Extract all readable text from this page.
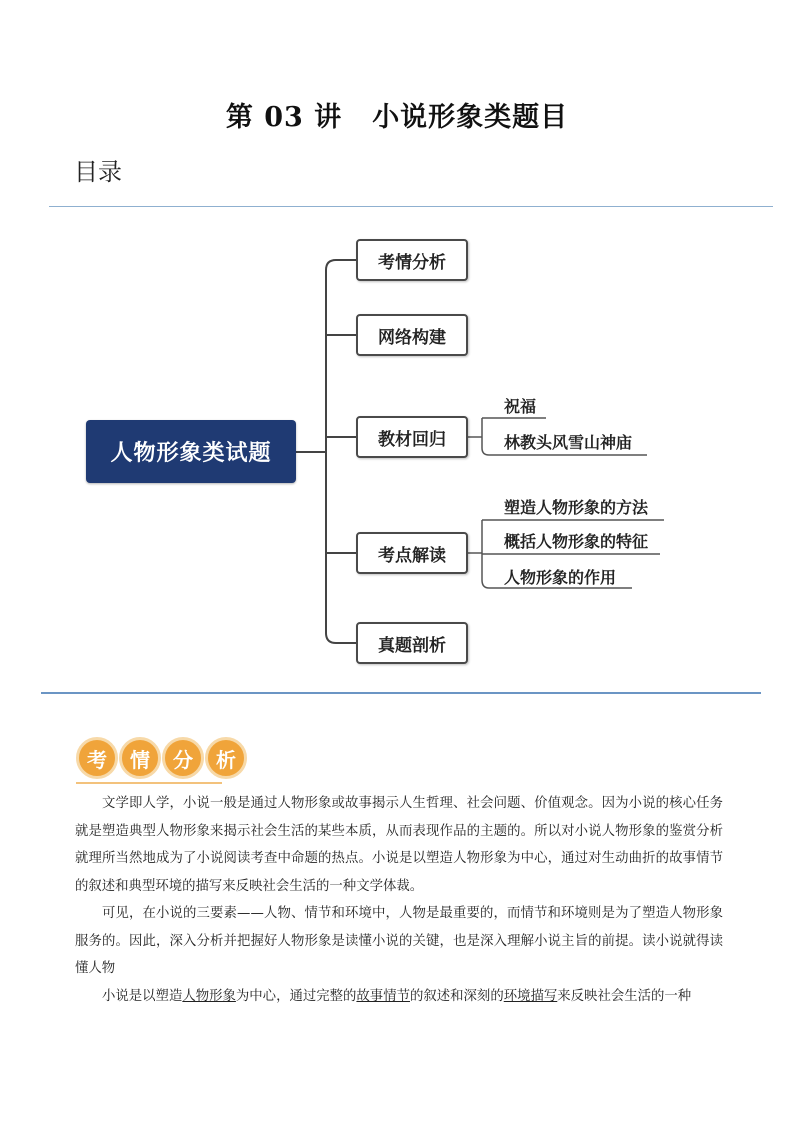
第 03 讲 小说形象类题目
目录
人物形象类试题
考情分析
网络构建
教材回归
考点解读
真题剖析
祝福
林教头风雪山神庙
塑造人物形象的方法
概括人物形象的特征
人物形象的作用
考	情	分	析

文学即人学，小说一般是通过人物形象或故事揭示人生哲理、社会问题、价值观念。因为小说的核心任务就是塑造典型人物形象来揭示社会生活的某些本质，从而表现作品的主题的。所以对小说人物形象的鉴赏分析就理所当然地成为了小说阅读考查中命题的热点。小说是以塑造人物形象为中心，通过对生动曲折的故事情节的叙述和典型环境的描写来反映社会生活的一种文学体裁。

可见，在小说的三要素——人物、情节和环境中，人物是最重要的，而情节和环境则是为了塑造人物形象服务的。因此，深入分析并把握好人物形象是读懂小说的关键，也是深入理解小说主旨的前提。读小说就得读懂人物

小说是以塑造人物形象为中心，通过完整的故事情节的叙述和深刻的环境描写来反映社会生活的一种
